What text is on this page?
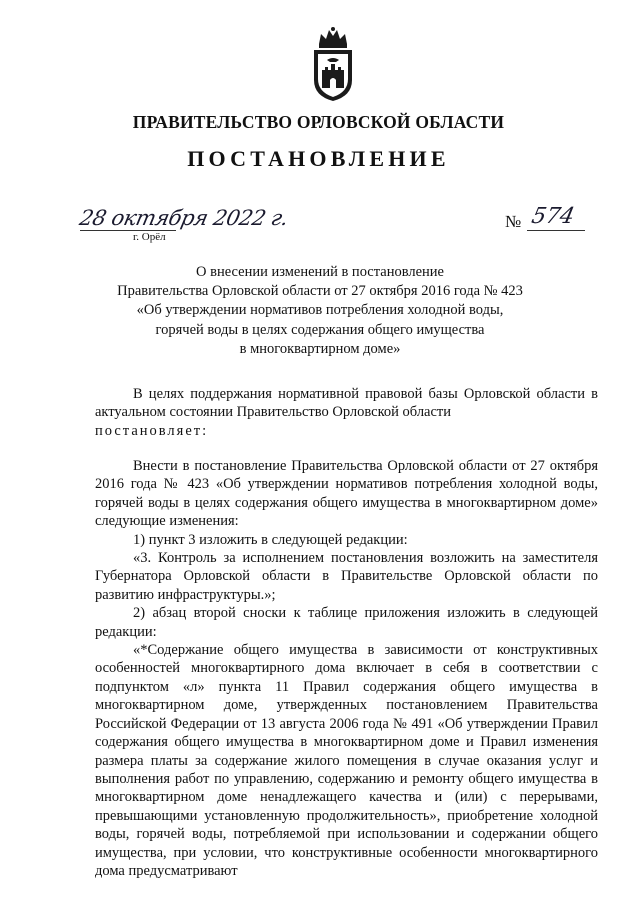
ПРАВИТЕЛЬСТВО ОРЛОВСКОЙ ОБЛАСТИ
ПОСТАНОВЛЕНИЕ
28 октября 2022 г.
г. Орёл
№ 574
О внесении изменений в постановление
Правительства Орловской области от 27 октября 2016 года № 423
«Об утверждении нормативов потребления холодной воды,
горячей воды в целях содержания общего имущества
в многоквартирном доме»

В целях поддержания нормативной правовой базы Орловской области в актуальном состоянии Правительство Орловской области

постановляет:

Внести в постановление Правительства Орловской области от 27 октября 2016 года № 423 «Об утверждении нормативов потребления холодной воды, горячей воды в целях содержания общего имущества в многоквартирном доме» следующие изменения:

1) пункт 3 изложить в следующей редакции:

«3. Контроль за исполнением постановления возложить на заместителя Губернатора Орловской области в Правительстве Орловской области по развитию инфраструктуры.»;

2) абзац второй сноски к таблице приложения изложить в следующей редакции:

«*Содержание общего имущества в зависимости от конструктивных особенностей многоквартирного дома включает в себя в соответствии с подпунктом «л» пункта 11 Правил содержания общего имущества в многоквартирном доме, утвержденных постановлением Правительства Российской Федерации от 13 августа 2006 года № 491 «Об утверждении Правил содержания общего имущества в многоквартирном доме и Правил изменения размера платы за содержание жилого помещения в случае оказания услуг и выполнения работ по управлению, содержанию и ремонту общего имущества в многоквартирном доме ненадлежащего качества и (или) с перерывами, превышающими установленную продолжительность», приобретение холодной воды, горячей воды, потребляемой при использовании и содержании общего имущества, при условии, что конструктивные особенности многоквартирного дома предусматривают
